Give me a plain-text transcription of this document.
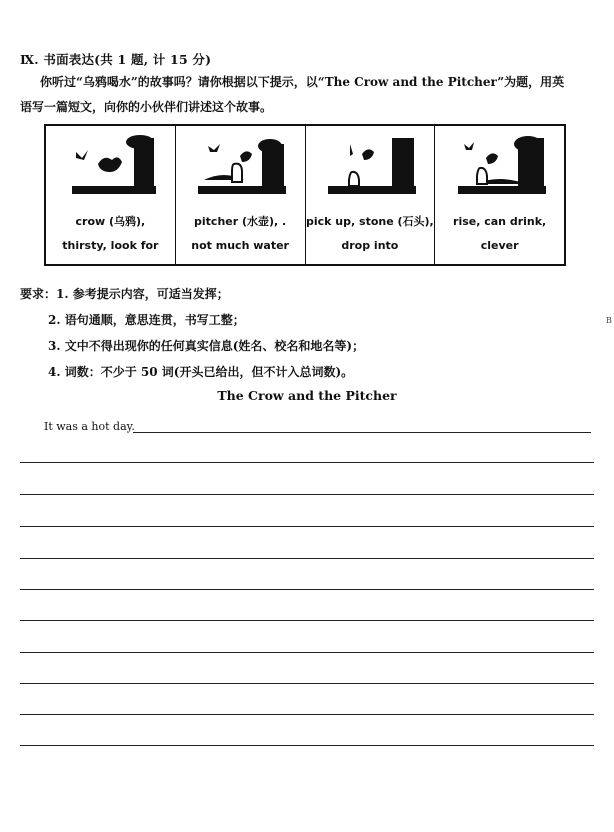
Ⅸ. 书面表达(共 1 题, 计 15 分)
你听过“乌鸦喝水”的故事吗？请你根据以下提示，以“The Crow and the Pitcher”为题，用英
语写一篇短文，向你的小伙伴们讲述这个故事。
crow (乌鸦),
thirsty, look for
pitcher (水壶), .
not much water
pick up, stone (石头),
drop into
rise, can drink,
clever
要求：1. 参考提示内容，可适当发挥；
2. 语句通顺，意思连贯，书写工整；
3. 文中不得出现你的任何真实信息(姓名、校名和地名等)；
4. 词数：不少于 50 词(开头已给出，但不计入总词数)。
The Crow and the Pitcher
It was a hot day.
B
